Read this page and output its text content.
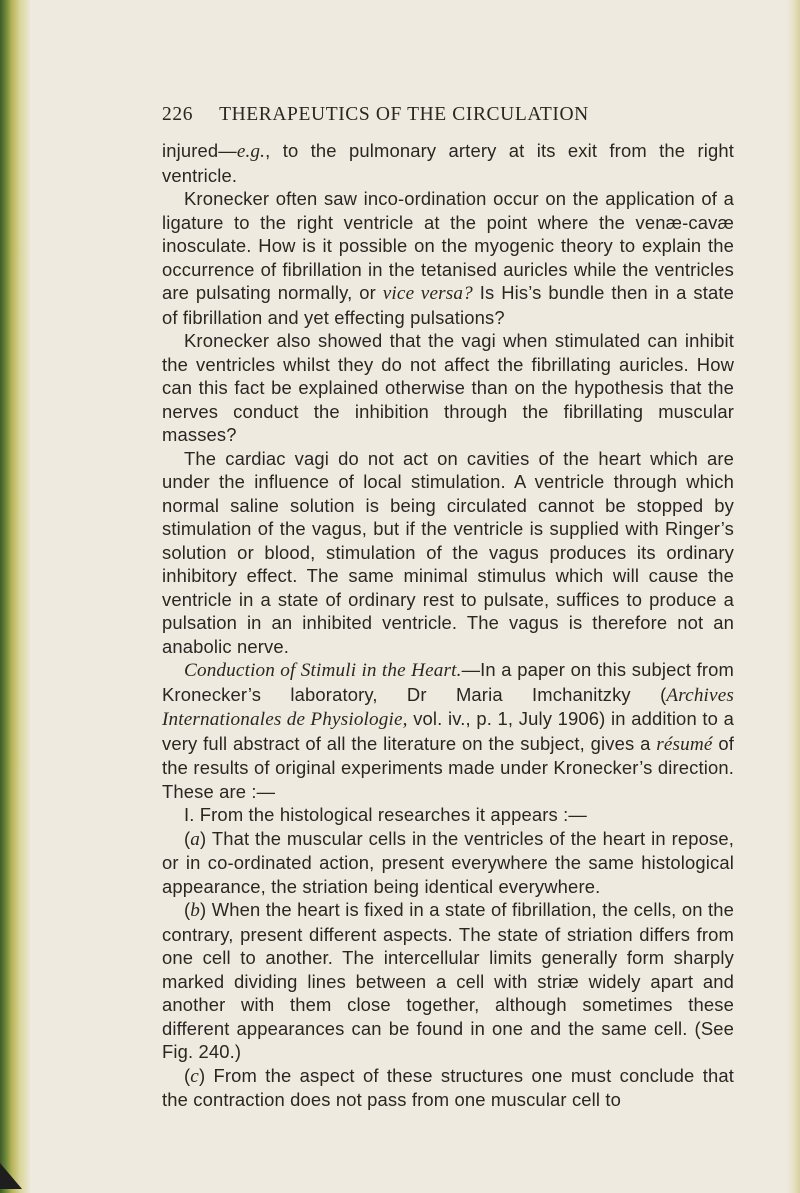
226 THERAPEUTICS OF THE CIRCULATION

injured—e.g., to the pulmonary artery at its exit from the right ventricle.

Kronecker often saw inco-ordination occur on the application of a ligature to the right ventricle at the point where the venæ-cavæ inosculate. How is it possible on the myogenic theory to explain the occurrence of fibrillation in the tetanised auricles while the ventricles are pulsating normally, or vice versa? Is His’s bundle then in a state of fibrillation and yet effecting pulsations?

Kronecker also showed that the vagi when stimulated can inhibit the ventricles whilst they do not affect the fibrillating auricles. How can this fact be explained otherwise than on the hypothesis that the nerves conduct the inhibition through the fibrillating muscular masses?

The cardiac vagi do not act on cavities of the heart which are under the influence of local stimulation. A ventricle through which normal saline solution is being circulated cannot be stopped by stimulation of the vagus, but if the ventricle is supplied with Ringer’s solution or blood, stimulation of the vagus produces its ordinary inhibitory effect. The same minimal stimulus which will cause the ventricle in a state of ordinary rest to pulsate, suffices to produce a pulsation in an inhibited ventricle. The vagus is therefore not an anabolic nerve.

Conduction of Stimuli in the Heart.—In a paper on this subject from Kronecker’s laboratory, Dr Maria Imchanitzky (Archives Internationales de Physiologie, vol. iv., p. 1, July 1906) in addition to a very full abstract of all the literature on the subject, gives a résumé of the results of original experiments made under Kronecker’s direction. These are :—

I. From the histological researches it appears :—

(a) That the muscular cells in the ventricles of the heart in repose, or in co-ordinated action, present everywhere the same histological appearance, the striation being identical everywhere.

(b) When the heart is fixed in a state of fibrillation, the cells, on the contrary, present different aspects. The state of striation differs from one cell to another. The intercellular limits generally form sharply marked dividing lines between a cell with striæ widely apart and another with them close together, although sometimes these different appearances can be found in one and the same cell. (See Fig. 240.)

(c) From the aspect of these structures one must conclude that the contraction does not pass from one muscular cell to
